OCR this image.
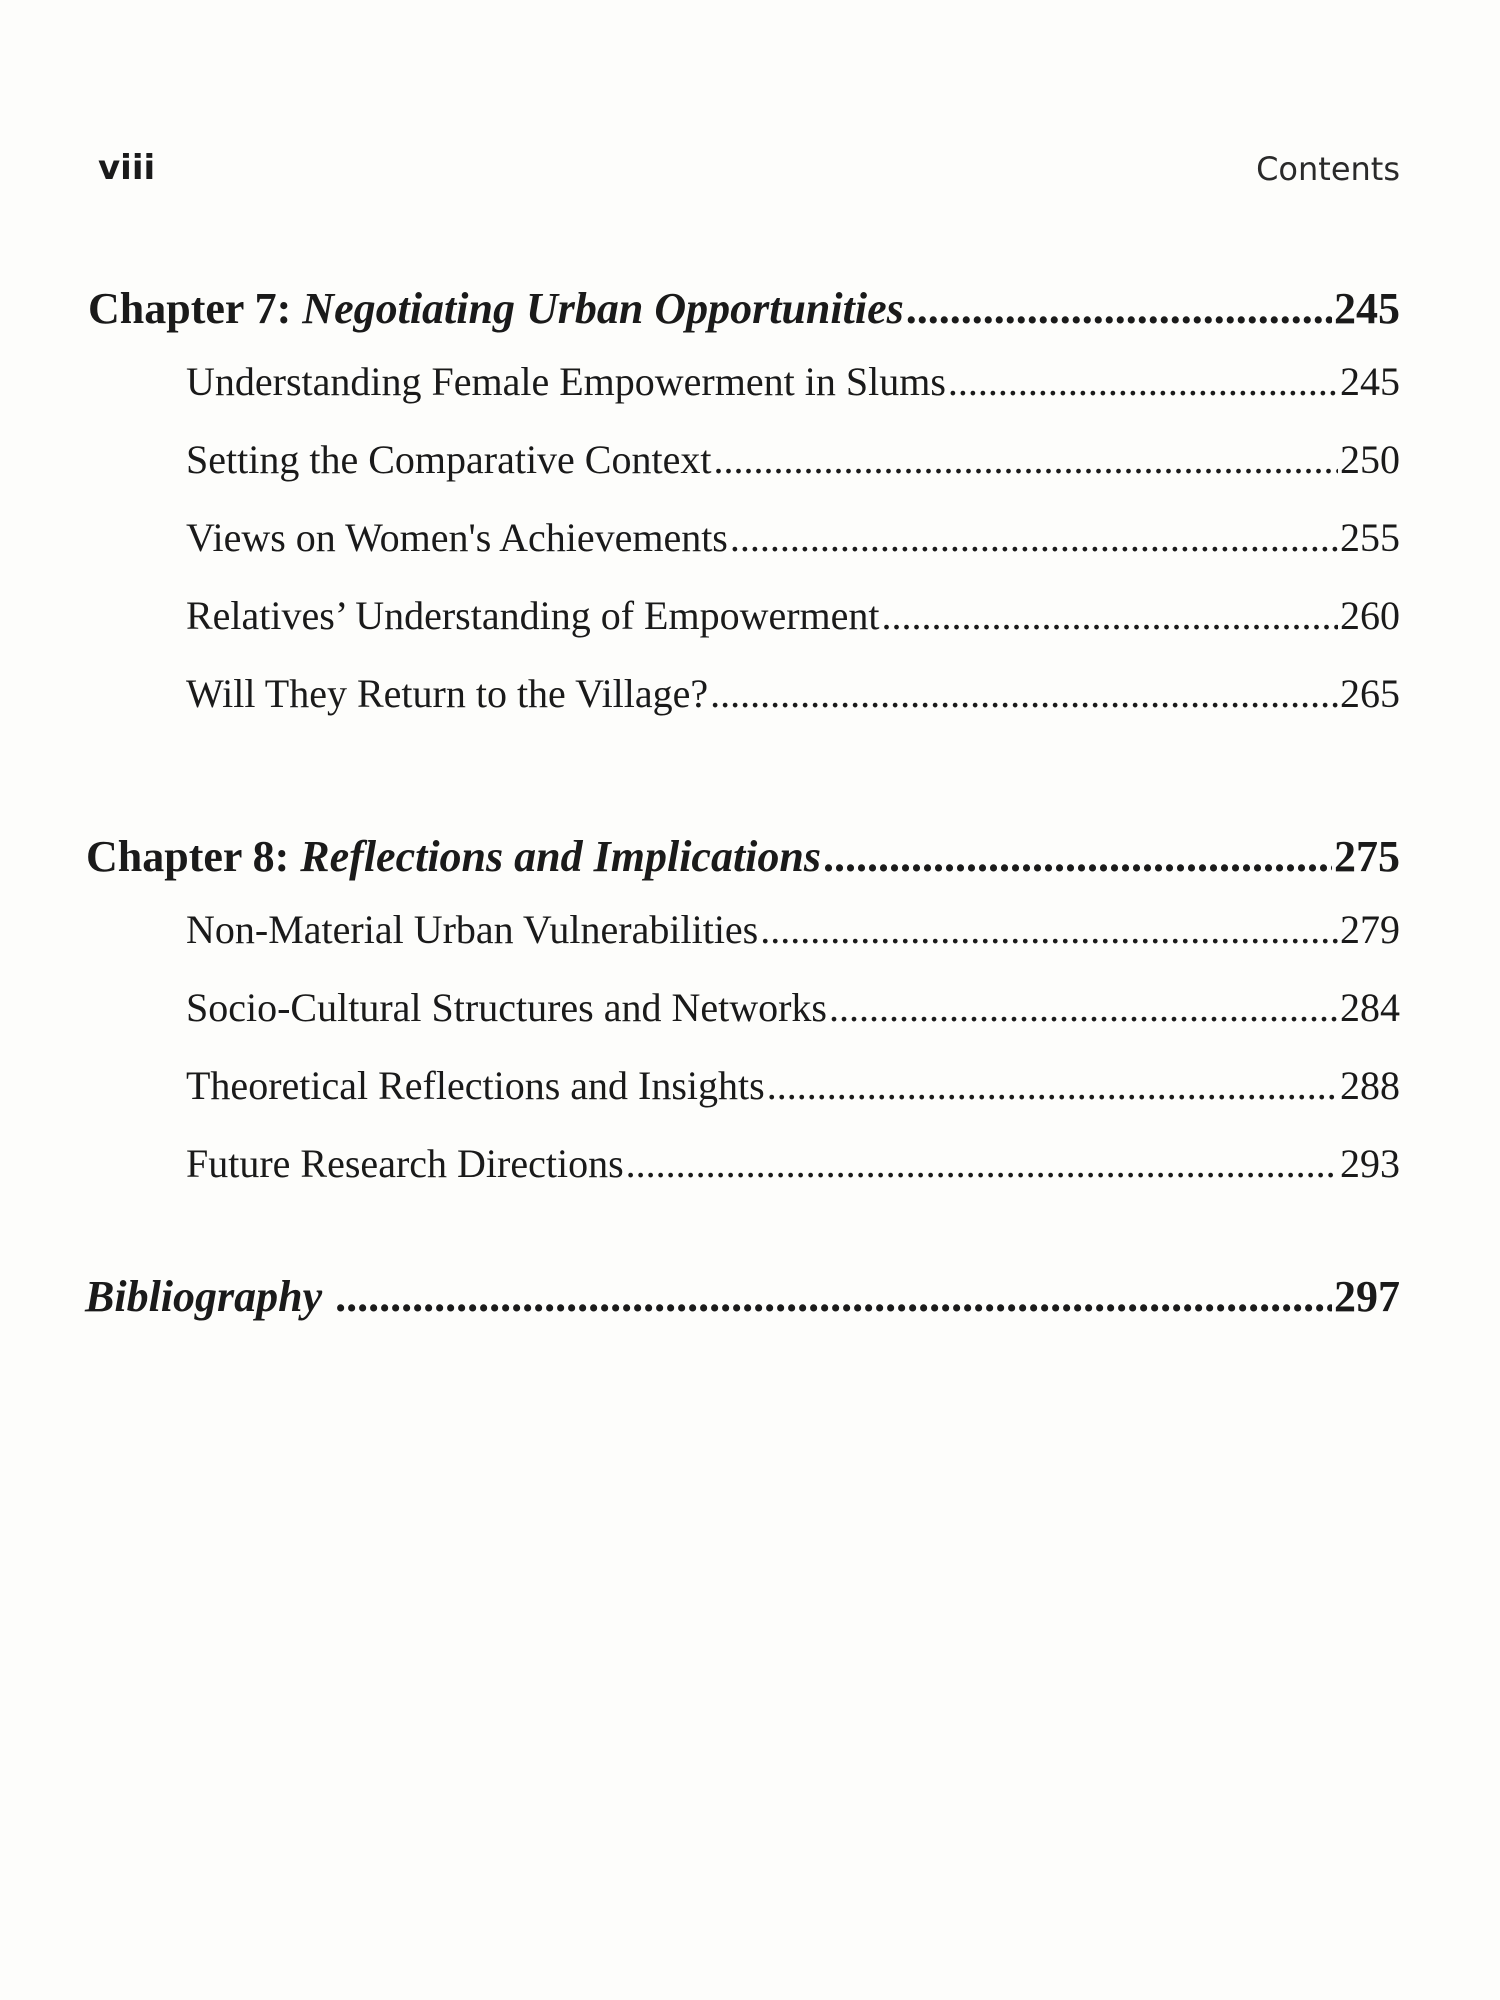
viii	Contents
Chapter 7: Negotiating Urban Opportunities .....	245
Understanding Female Empowerment in Slums .....	245
Setting the Comparative Context .....	250
Views on Women's Achievements .....	255
Relatives’ Understanding of Empowerment .....	260
Will They Return to the Village? .....	265
Chapter 8: Reflections and Implications .....	275
Non-Material Urban Vulnerabilities .....	279
Socio-Cultural Structures and Networks .....	284
Theoretical Reflections and Insights .....	288
Future Research Directions .....	293
Bibliography .....	297
